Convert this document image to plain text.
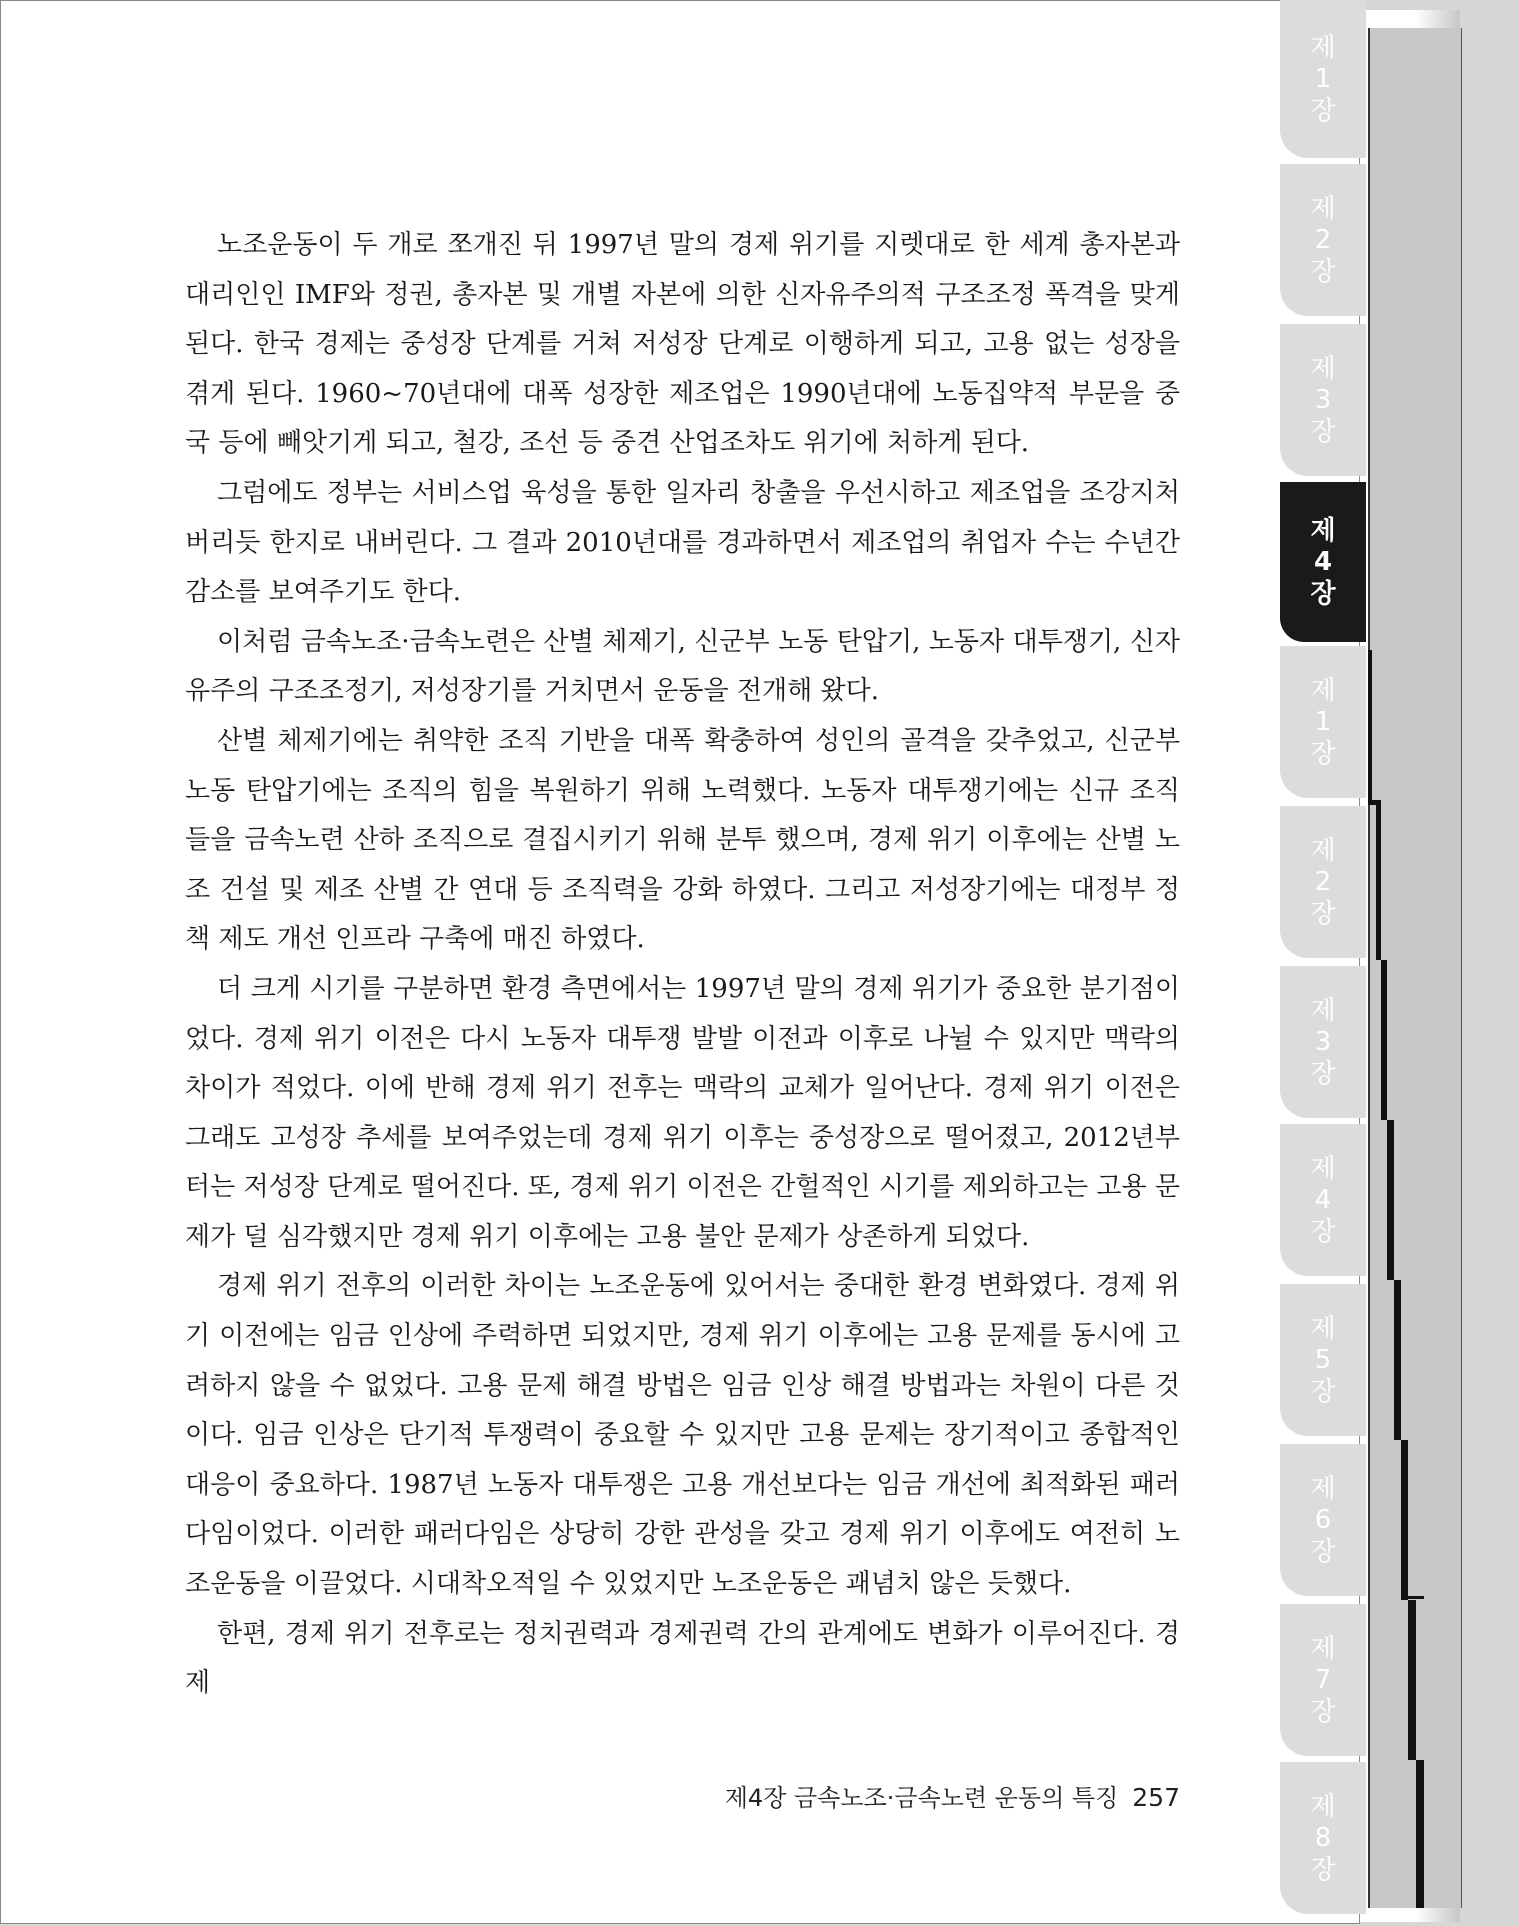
제
1
장
제
2
장
제
3
장
제
4
장
제
1
장
제
2
장
제
3
장
제
4
장
제
5
장
제
6
장
제
7
장
제
8
장

노조운동이 두 개로 쪼개진 뒤 1997년 말의 경제 위기를 지렛대로 한 세계 총자본과 대리인인 IMF와 정권, 총자본 및 개별 자본에 의한 신자유주의적 구조조정 폭격을 맞게 된다. 한국 경제는 중성장 단계를 거쳐 저성장 단계로 이행하게 되고, 고용 없는 성장을 겪게 된다. 1960~70년대에 대폭 성장한 제조업은 1990년대에 노동집약적 부문을 중국 등에 빼앗기게 되고, 철강, 조선 등 중견 산업조차도 위기에 처하게 된다.

그럼에도 정부는 서비스업 육성을 통한 일자리 창출을 우선시하고 제조업을 조강지처 버리듯 한지로 내버린다. 그 결과 2010년대를 경과하면서 제조업의 취업자 수는 수년간 감소를 보여주기도 한다.

이처럼 금속노조·금속노련은 산별 체제기, 신군부 노동 탄압기, 노동자 대투쟁기, 신자유주의 구조조정기, 저성장기를 거치면서 운동을 전개해 왔다.

산별 체제기에는 취약한 조직 기반을 대폭 확충하여 성인의 골격을 갖추었고, 신군부 노동 탄압기에는 조직의 힘을 복원하기 위해 노력했다. 노동자 대투쟁기에는 신규 조직들을 금속노련 산하 조직으로 결집시키기 위해 분투 했으며, 경제 위기 이후에는 산별 노조 건설 및 제조 산별 간 연대 등 조직력을 강화 하였다. 그리고 저성장기에는 대정부 정책 제도 개선 인프라 구축에 매진 하였다.

더 크게 시기를 구분하면 환경 측면에서는 1997년 말의 경제 위기가 중요한 분기점이었다. 경제 위기 이전은 다시 노동자 대투쟁 발발 이전과 이후로 나뉠 수 있지만 맥락의 차이가 적었다. 이에 반해 경제 위기 전후는 맥락의 교체가 일어난다. 경제 위기 이전은 그래도 고성장 추세를 보여주었는데 경제 위기 이후는 중성장으로 떨어졌고, 2012년부터는 저성장 단계로 떨어진다. 또, 경제 위기 이전은 간헐적인 시기를 제외하고는 고용 문제가 덜 심각했지만 경제 위기 이후에는 고용 불안 문제가 상존하게 되었다.

경제 위기 전후의 이러한 차이는 노조운동에 있어서는 중대한 환경 변화였다. 경제 위기 이전에는 임금 인상에 주력하면 되었지만, 경제 위기 이후에는 고용 문제를 동시에 고려하지 않을 수 없었다. 고용 문제 해결 방법은 임금 인상 해결 방법과는 차원이 다른 것이다. 임금 인상은 단기적 투쟁력이 중요할 수 있지만 고용 문제는 장기적이고 종합적인 대응이 중요하다. 1987년 노동자 대투쟁은 고용 개선보다는 임금 개선에 최적화된 패러다임이었다. 이러한 패러다임은 상당히 강한 관성을 갖고 경제 위기 이후에도 여전히 노조운동을 이끌었다. 시대착오적일 수 있었지만 노조운동은 괘념치 않은 듯했다.

한편, 경제 위기 전후로는 정치권력과 경제권력 간의 관계에도 변화가 이루어진다. 경제

제4장 금속노조·금속노련 운동의 특징 257
